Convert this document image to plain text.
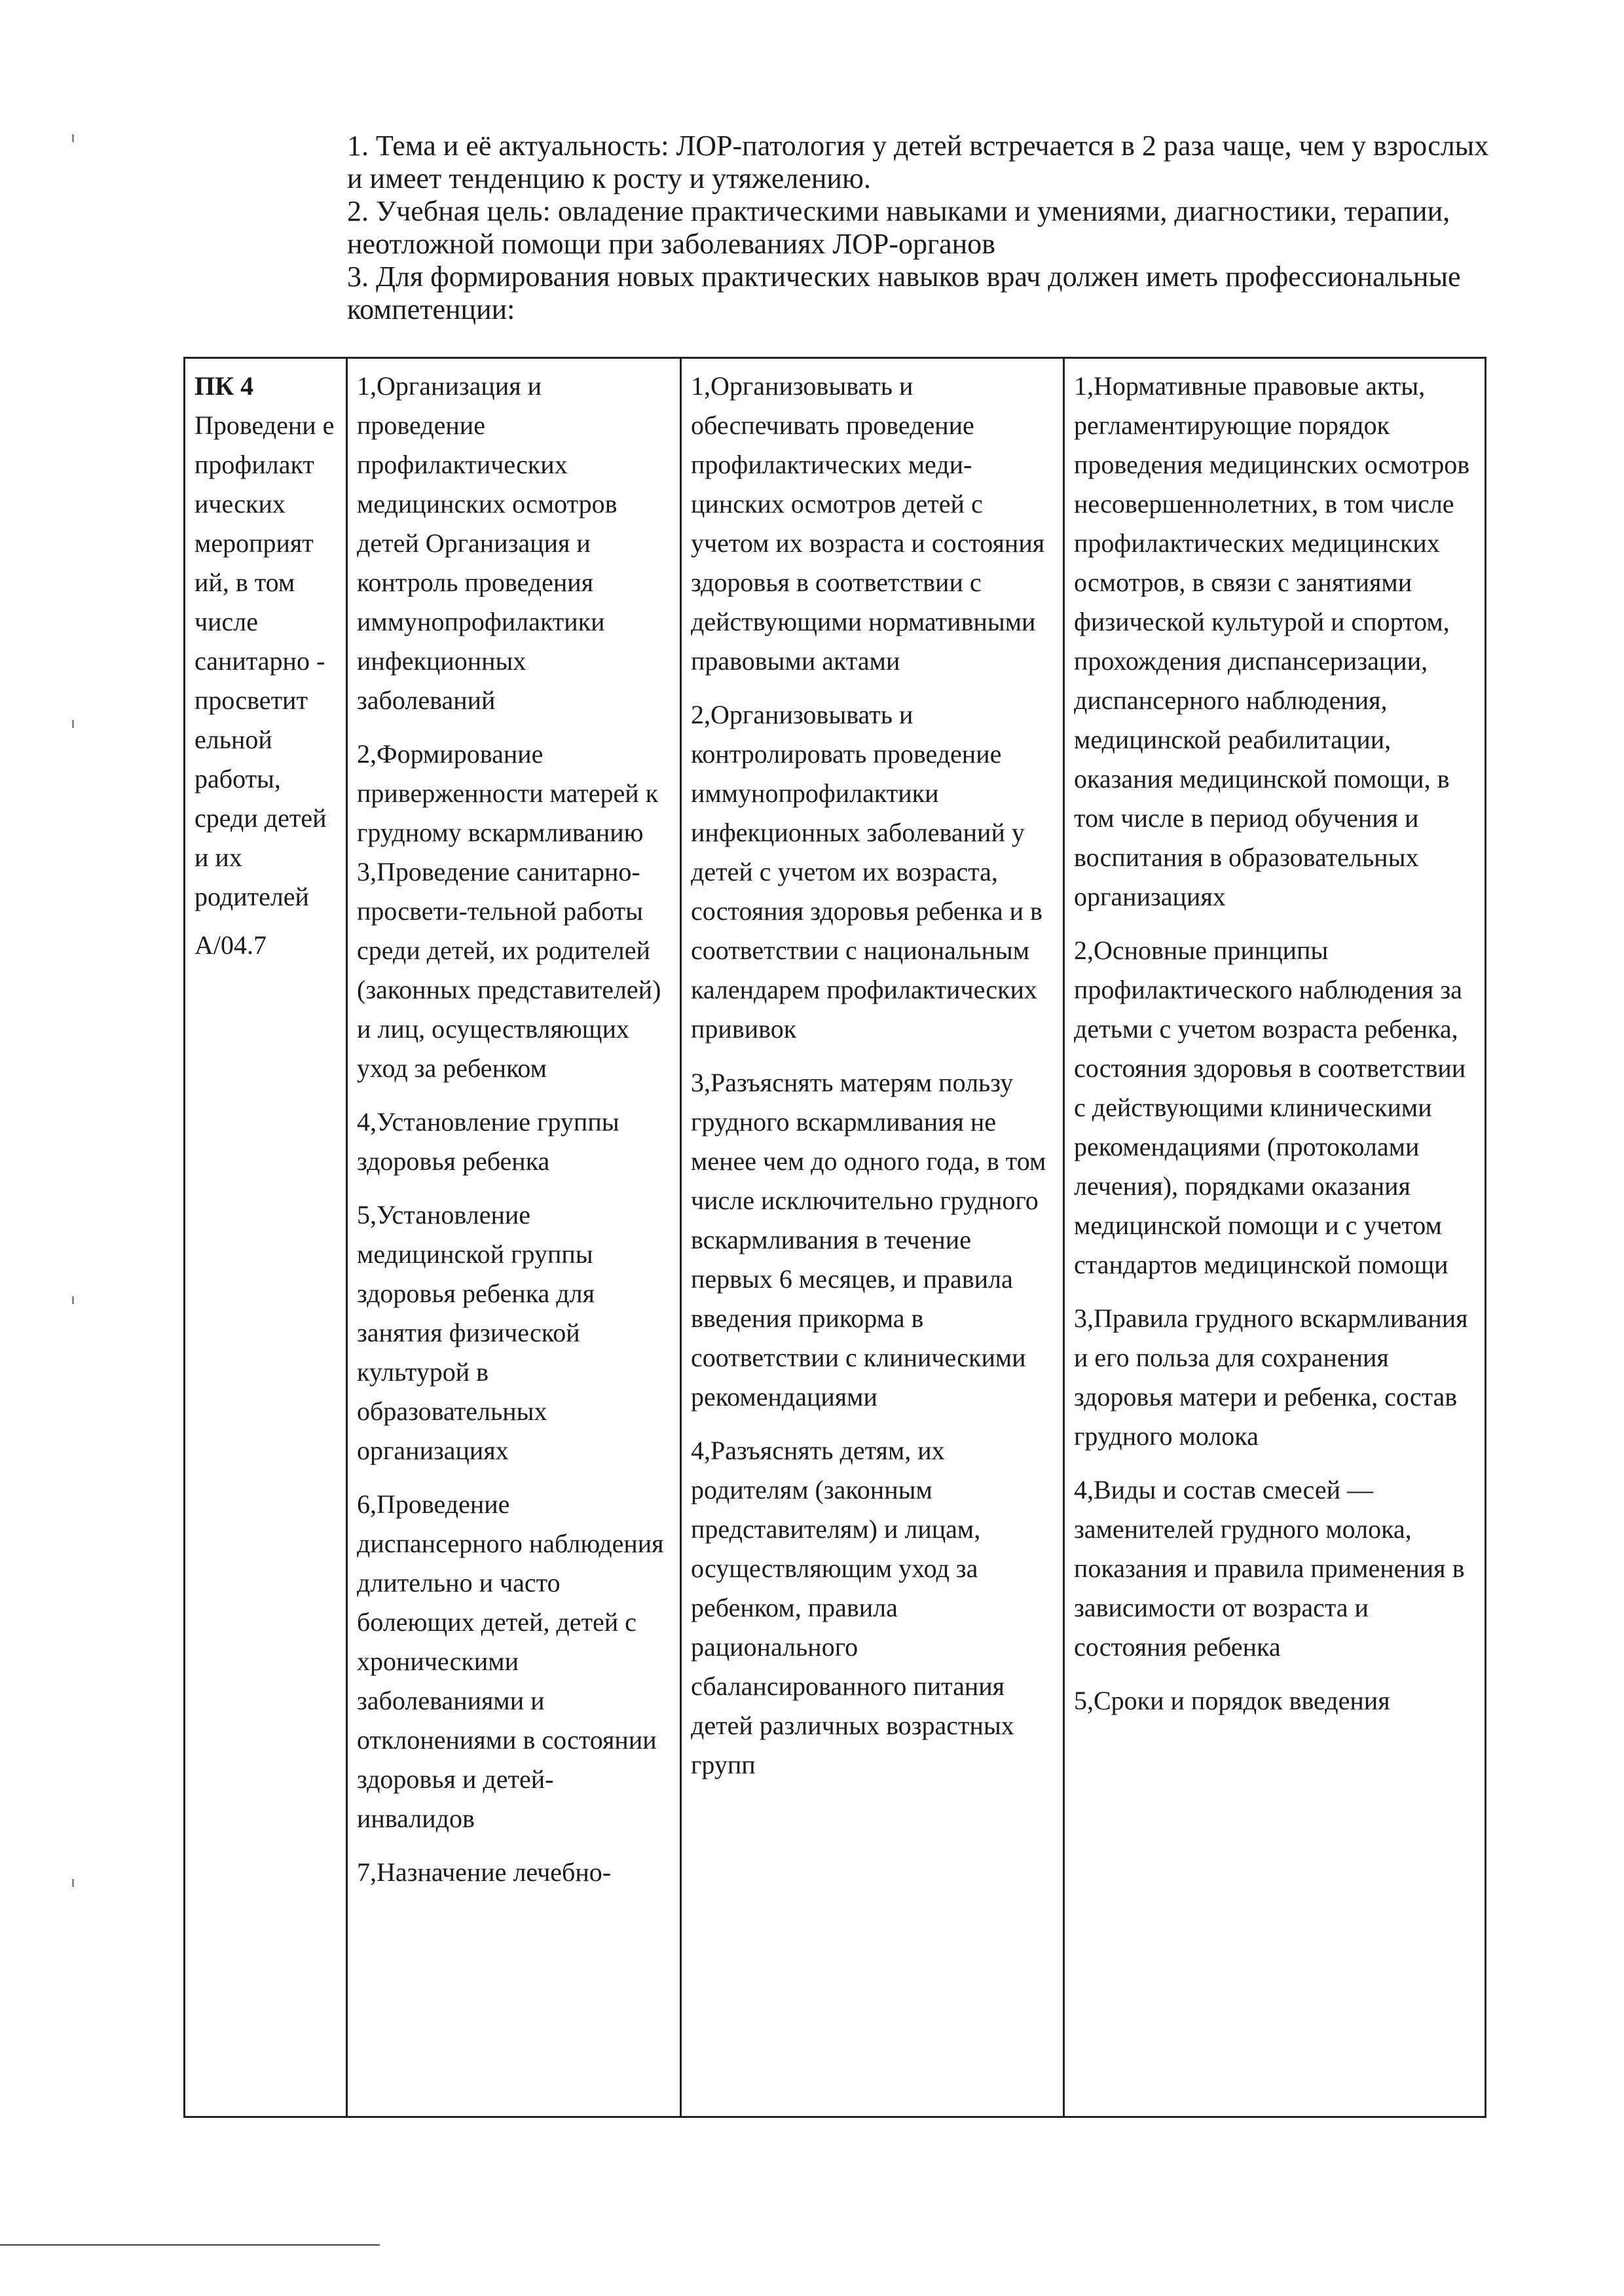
1. Тема и её актуальность: ЛОР-патология у детей встречается в 2 раза чаще, чем у взрослых и имеет тенденцию к росту и утяжелению.

2. Учебная цель: овладение практическими навыками и умениями, диагностики, терапии, неотложной помощи при заболеваниях ЛОР-органов

3. Для формирования новых практических навыков врач должен иметь профессиональные компетенции:

ПК 4

Проведени е профилакт ических мероприят ий, в том числе санитарно - просветит ельной работы, среди детей и их родителей

А/04.7

1,Организация и проведение профилактических медицинских осмотров детей Организация и контроль проведения иммунопрофилактики инфекционных заболеваний

2,Формирование приверженности матерей к грудному вскармливанию 3,Проведение санитарно-просвети-тельной работы среди детей, их родителей (законных представителей) и лиц, осуществляющих уход за ребенком

4,Установление группы здоровья ребенка

5,Установление медицинской группы здоровья ребенка для занятия физической культурой в образовательных организациях

6,Проведение диспансерного наблюдения длительно и часто болеющих детей, детей с хроническими заболеваниями и отклонениями в состоянии здоровья и детей-инвалидов

7,Назначение лечебно-

1,Организовывать и обеспечивать проведение профилактических меди-цинских осмотров детей с учетом их возраста и состояния здоровья в соответствии с действующими нормативными правовыми актами

2,Организовывать и контролировать проведение иммунопрофилактики инфекционных заболеваний у детей с учетом их возраста, состояния здоровья ребенка и в соответствии с национальным календарем профилактических прививок

3,Разъяснять матерям пользу грудного вскармливания не менее чем до одного года, в том числе исключительно грудного вскармливания в течение первых 6 месяцев, и правила введения прикорма в соответствии с клиническими рекомендациями

4,Разъяснять детям, их родителям (законным представителям) и лицам, осуществляющим уход за ребенком, правила рационального сбалансированного питания детей различных возрастных групп

1,Нормативные правовые акты, регламентирующие порядок проведения медицинских осмотров несовершеннолетних, в том числе профилактических медицинских осмотров, в связи с занятиями физической культурой и спортом, прохождения диспансеризации, диспансерного наблюдения, медицинской реабилитации, оказания медицинской помощи, в том числе в период обучения и воспитания в образовательных организациях

2,Основные принципы профилактического наблюдения за детьми с учетом возраста ребенка, состояния здоровья в соответствии с действующими клиническими рекомендациями (протоколами лечения), порядками оказания медицинской помощи и с учетом стандартов медицинской помощи

3,Правила грудного вскармливания и его польза для сохранения здоровья матери и ребенка, состав грудного молока

4,Виды и состав смесей — заменителей грудного молока, показания и правила применения в зависимости от возраста и состояния ребенка

5,Сроки и порядок введения
